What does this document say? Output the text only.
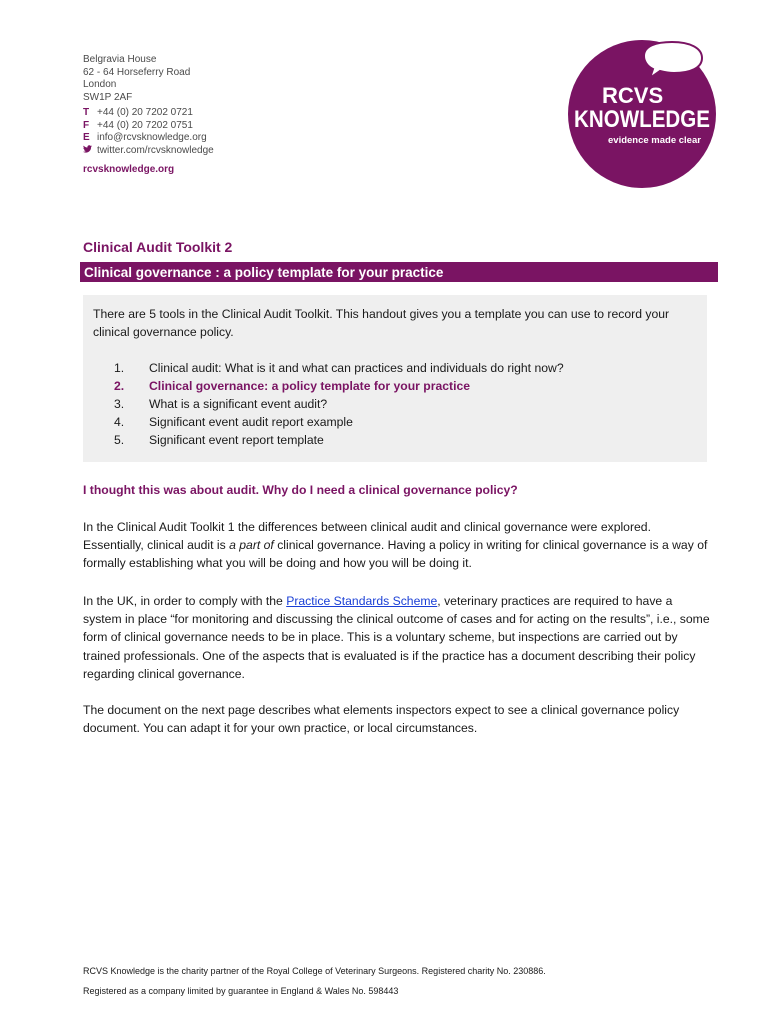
Belgravia House
62 - 64 Horseferry Road
London
SW1P 2AF
T +44 (0) 20 7202 0721
F +44 (0) 20 7202 0751
E info@rcvsknowledge.org
twitter.com/rcvsknowledge
rcvsknowledge.org
RCVS
KNOWLEDGE
evidence made clear
Clinical Audit Toolkit 2
Clinical governance : a policy template for your practice
There are 5 tools in the Clinical Audit Toolkit. This handout gives you a template you can use to record your clinical governance policy.
1.	Clinical audit: What is it and what can practices and individuals do right now?
2.	Clinical governance: a policy template for your practice
3.	What is a significant event audit?
4.	Significant event audit report example
5.	Significant event report template
I thought this was about audit. Why do I need a clinical governance policy?

In the Clinical Audit Toolkit 1 the differences between clinical audit and clinical governance were explored. Essentially, clinical audit is a part of clinical governance. Having a policy in writing for clinical governance is a way of formally establishing what you will be doing and how you will be doing it.

In the UK, in order to comply with the Practice Standards Scheme, veterinary practices are required to have a system in place “for monitoring and discussing the clinical outcome of cases and for acting on the results”, i.e., some form of clinical governance needs to be in place. This is a voluntary scheme, but inspections are carried out by trained professionals. One of the aspects that is evaluated is if the practice has a document describing their policy regarding clinical governance.

The document on the next page describes what elements inspectors expect to see a clinical governance policy document. You can adapt it for your own practice, or local circumstances.

RCVS Knowledge is the charity partner of the Royal College of Veterinary Surgeons. Registered charity No. 230886.
Registered as a company limited by guarantee in England & Wales No. 598443
